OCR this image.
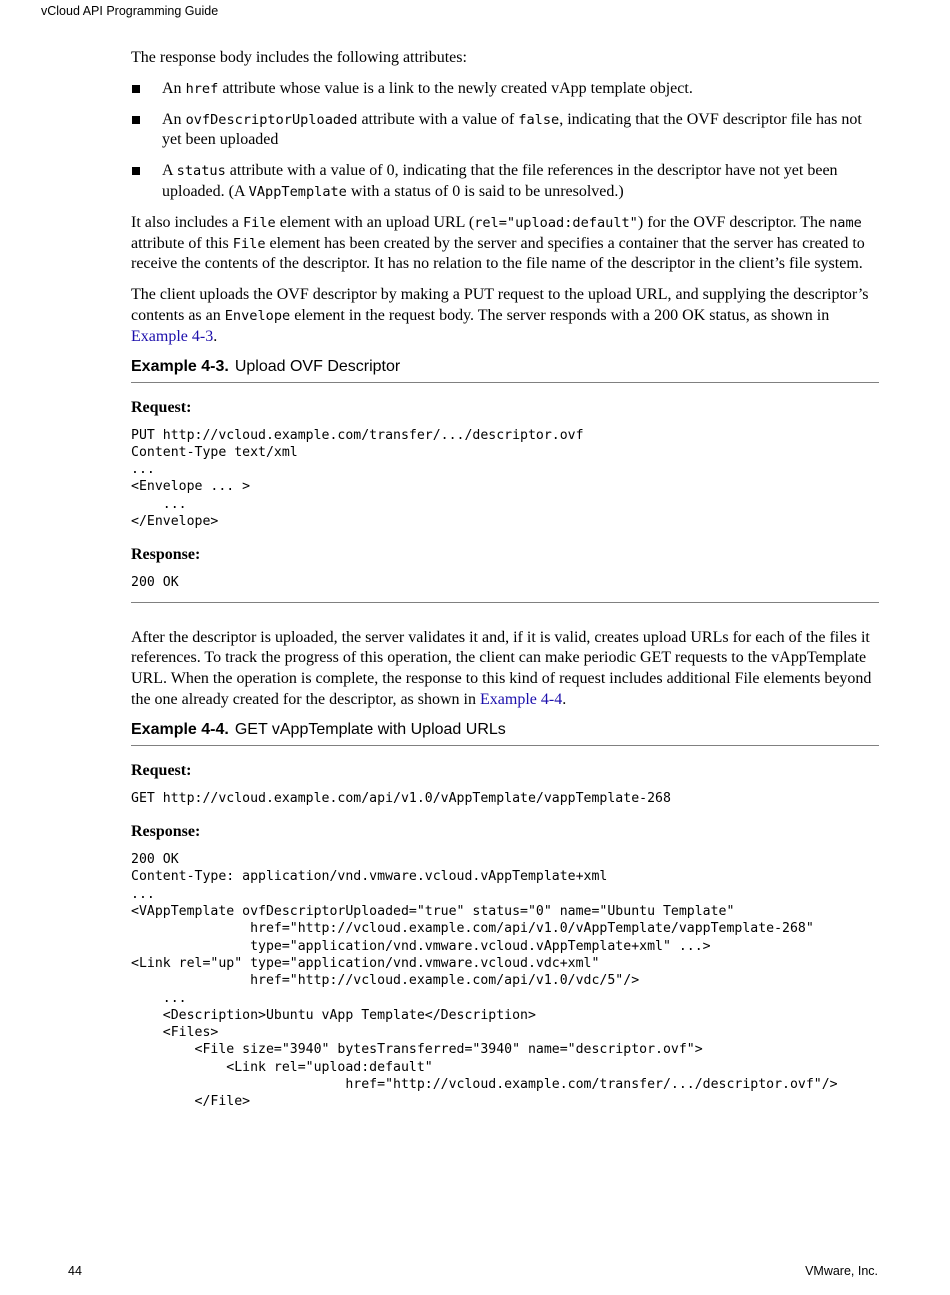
vCloud API Programming Guide

The response body includes the following attributes:

An href attribute whose value is a link to the newly created vApp template object.
An ovfDescriptorUploaded attribute with a value of false, indicating that the OVF descriptor file has not yet been uploaded
A status attribute with a value of 0, indicating that the file references in the descriptor have not yet been uploaded. (A VAppTemplate with a status of 0 is said to be unresolved.)

It also includes a File element with an upload URL (rel="upload:default") for the OVF descriptor. The name attribute of this File element has been created by the server and specifies a container that the server has created to receive the contents of the descriptor. It has no relation to the file name of the descriptor in the client’s file system.

The client uploads the OVF descriptor by making a PUT request to the upload URL, and supplying the descriptor’s contents as an Envelope element in the request body. The server responds with a 200 OK status, as shown in Example 4-3.

Example 4-3. Upload OVF Descriptor
Request:
PUT http://vcloud.example.com/transfer/.../descriptor.ovf
Content-Type text/xml
...
<Envelope ... >
...
</Envelope>
Response:
200 OK

After the descriptor is uploaded, the server validates it and, if it is valid, creates upload URLs for each of the files it references. To track the progress of this operation, the client can make periodic GET requests to the vAppTemplate URL. When the operation is complete, the response to this kind of request includes additional File elements beyond the one already created for the descriptor, as shown in Example 4-4.

Example 4-4. GET vAppTemplate with Upload URLs
Request:
GET http://vcloud.example.com/api/v1.0/vAppTemplate/vappTemplate-268
Response:
200 OK
Content-Type: application/vnd.vmware.vcloud.vAppTemplate+xml
...
<VAppTemplate ovfDescriptorUploaded="true" status="0" name="Ubuntu Template"
href="http://vcloud.example.com/api/v1.0/vAppTemplate/vappTemplate-268"
type="application/vnd.vmware.vcloud.vAppTemplate+xml" ...>
<Link rel="up" type="application/vnd.vmware.vcloud.vdc+xml"
href="http://vcloud.example.com/api/v1.0/vdc/5"/>
...
<Description>Ubuntu vApp Template</Description>
<Files>
<File size="3940" bytesTransferred="3940" name="descriptor.ovf">
<Link rel="upload:default"
href="http://vcloud.example.com/transfer/.../descriptor.ovf"/>
</File>
44	VMware, Inc.
